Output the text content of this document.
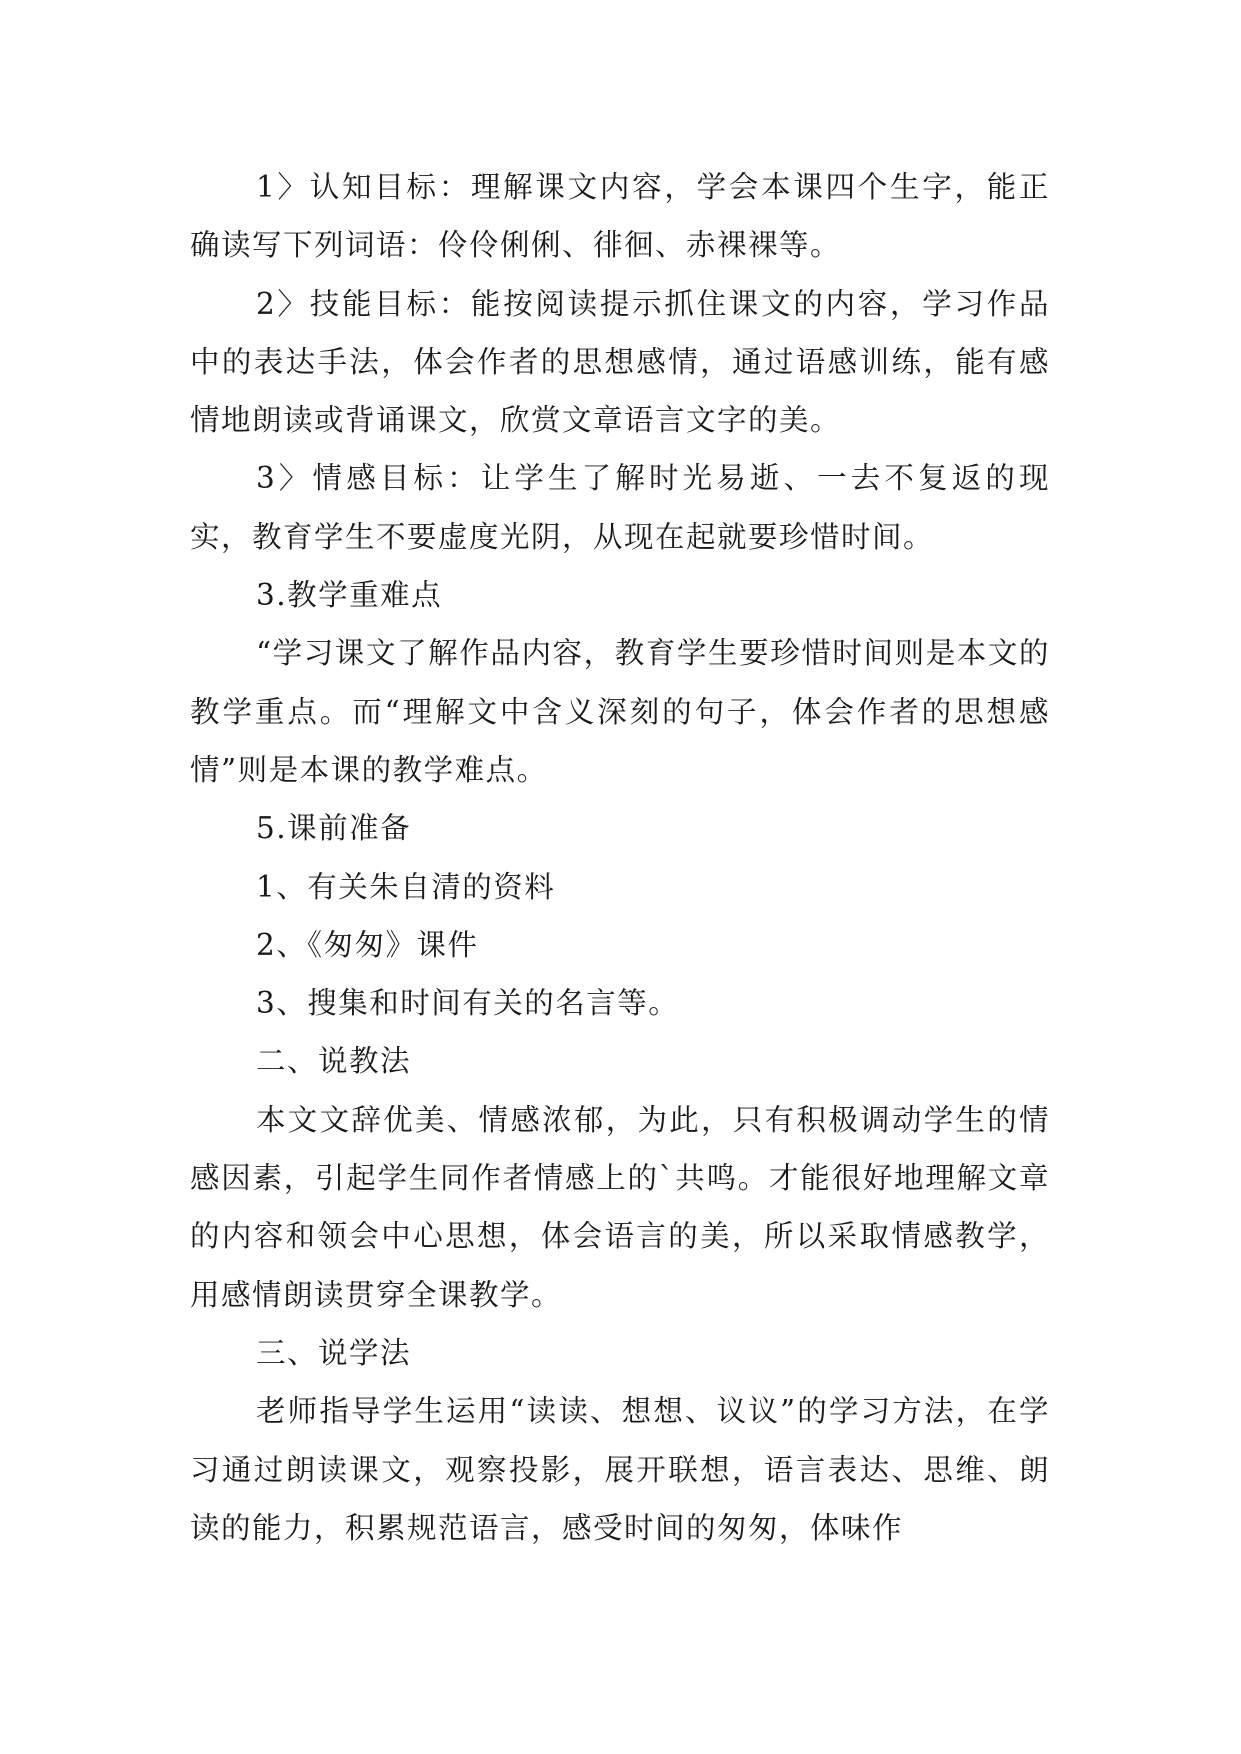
1〉认知目标：理解课文内容，学会本课四个生字，能正确读写下列词语：伶伶俐俐、徘徊、赤裸裸等。

2〉技能目标：能按阅读提示抓住课文的内容，学习作品中的表达手法，体会作者的思想感情，通过语感训练，能有感情地朗读或背诵课文，欣赏文章语言文字的美。

3〉情感目标：让学生了解时光易逝、一去不复返的现实，教育学生不要虚度光阴，从现在起就要珍惜时间。

3.教学重难点

“学习课文了解作品内容，教育学生要珍惜时间则是本文的教学重点。而“理解文中含义深刻的句子，体会作者的思想感情”则是本课的教学难点。

5.课前准备

1、有关朱自清的资料

2、《匆匆》课件

3、搜集和时间有关的名言等。

二、说教法

本文文辞优美、情感浓郁，为此，只有积极调动学生的情感因素，引起学生同作者情感上的`共鸣。才能很好地理解文章的内容和领会中心思想，体会语言的美，所以采取情感教学，用感情朗读贯穿全课教学。

三、说学法

老师指导学生运用“读读、想想、议议”的学习方法，在学习通过朗读课文，观察投影，展开联想，语言表达、思维、朗读的能力，积累规范语言，感受时间的匆匆，体味作
